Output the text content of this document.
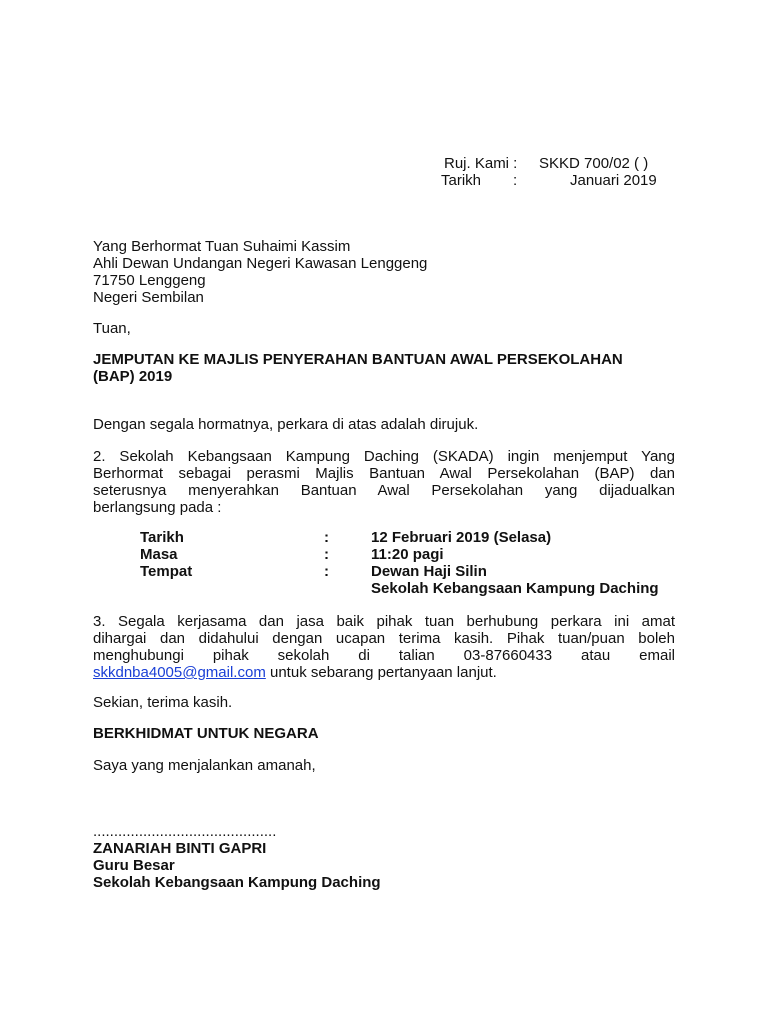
Ruj. Kami : SKKD 700/02 ( )
Tarikh :	Januari 2019
Yang Berhormat Tuan Suhaimi Kassim
Ahli Dewan Undangan Negeri Kawasan Lenggeng
71750 Lenggeng
Negeri Sembilan
Tuan,
JEMPUTAN KE MAJLIS PENYERAHAN BANTUAN AWAL PERSEKOLAHAN
(BAP) 2019
Dengan segala hormatnya, perkara di atas adalah dirujuk.
2. Sekolah Kebangsaan Kampung Daching (SKADA) ingin menjemput Yang
Berhormat sebagai perasmi Majlis Bantuan Awal Persekolahan (BAP) dan
seterusnya menyerahkan Bantuan Awal Persekolahan yang dijadualkan
berlangsung pada :
Tarikh	:	12 Februari 2019 (Selasa)
Masa	:	11:20 pagi
Tempat	:	Dewan Haji Silin
Sekolah Kebangsaan Kampung Daching
3. Segala kerjasama dan jasa baik pihak tuan berhubung perkara ini amat
dihargai dan didahului dengan ucapan terima kasih. Pihak tuan/puan boleh
menghubungi pihak sekolah di talian 03-87660433 atau email
skkdnba4005@gmail.com untuk sebarang pertanyaan lanjut.
Sekian, terima kasih.
BERKHIDMAT UNTUK NEGARA
Saya yang menjalankan amanah,
............................................
ZANARIAH BINTI GAPRI
Guru Besar
Sekolah Kebangsaan Kampung Daching
